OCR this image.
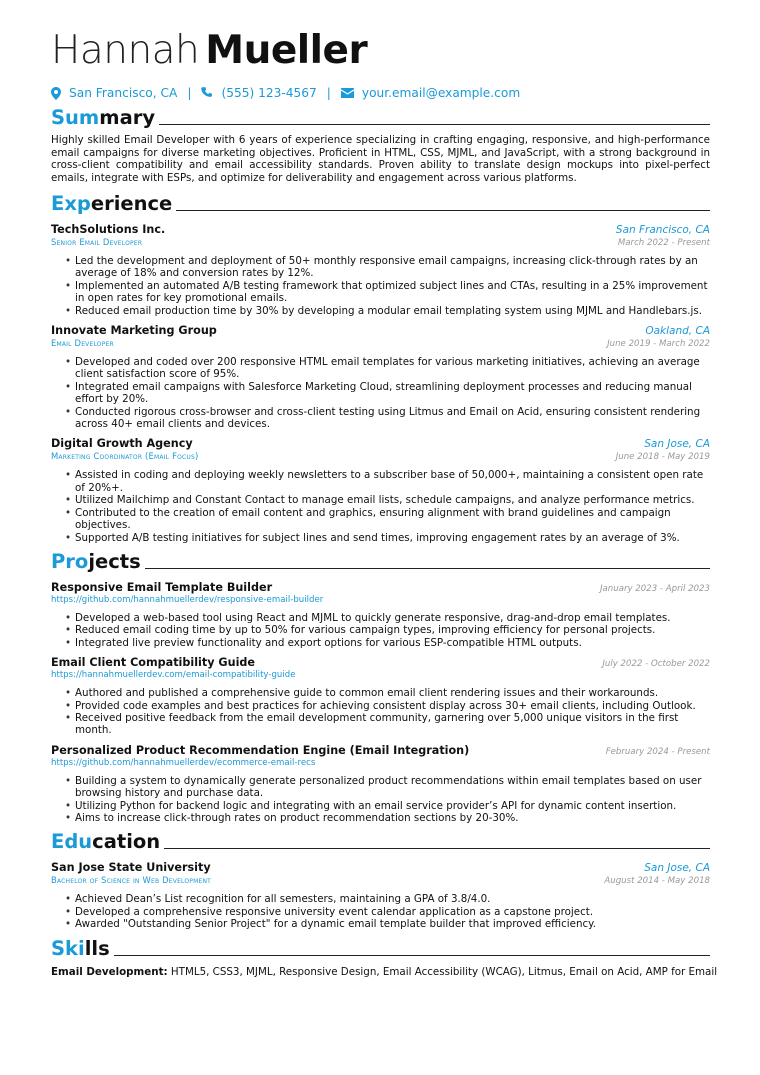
Hannah Mueller
San Francisco, CA | (555) 123-4567 |	your.email@example.com
Summary

Highly skilled Email Developer with 6 years of experience specializing in crafting engaging, responsive, and high-performance email campaigns for diverse marketing objectives. Proficient in HTML, CSS, MJML, and JavaScript, with a strong background in cross-client compatibility and email accessibility standards. Proven ability to translate design mockups into pixel-perfect emails, integrate with ESPs, and optimize for deliverability and engagement across various platforms.

Experience
TechSolutions Inc.	San Francisco, CA
Senior Email Developer	March 2022 - Present
• Led the development and deployment of 50+ monthly responsive email campaigns, increasing click-through rates by an average of 18% and conversion rates by 12%.
• Implemented an automated A/B testing framework that optimized subject lines and CTAs, resulting in a 25% improvement in open rates for key promotional emails.
• Reduced email production time by 30% by developing a modular email templating system using MJML and Handlebars.js.
Innovate Marketing Group	Oakland, CA
Email Developer	June 2019 - March 2022
• Developed and coded over 200 responsive HTML email templates for various marketing initiatives, achieving an average client satisfaction score of 95%.
• Integrated email campaigns with Salesforce Marketing Cloud, streamlining deployment processes and reducing manual effort by 20%.
• Conducted rigorous cross-browser and cross-client testing using Litmus and Email on Acid, ensuring consistent rendering across 40+ email clients and devices.
Digital Growth Agency	San Jose, CA
Marketing Coordinator (Email Focus)	June 2018 - May 2019
• Assisted in coding and deploying weekly newsletters to a subscriber base of 50,000+, maintaining a consistent open rate of 20%+.
• Utilized Mailchimp and Constant Contact to manage email lists, schedule campaigns, and analyze performance metrics.
• Contributed to the creation of email content and graphics, ensuring alignment with brand guidelines and campaign objectives.
• Supported A/B testing initiatives for subject lines and send times, improving engagement rates by an average of 3%.
Projects
Responsive Email Template Builder	January 2023 - April 2023
https://github.com/hannahmuellerdev/responsive-email-builder
• Developed a web-based tool using React and MJML to quickly generate responsive, drag-and-drop email templates.
• Reduced email coding time by up to 50% for various campaign types, improving efficiency for personal projects.
• Integrated live preview functionality and export options for various ESP-compatible HTML outputs.
Email Client Compatibility Guide	July 2022 - October 2022
https://hannahmuellerdev.com/email-compatibility-guide
• Authored and published a comprehensive guide to common email client rendering issues and their workarounds.
• Provided code examples and best practices for achieving consistent display across 30+ email clients, including Outlook.
• Received positive feedback from the email development community, garnering over 5,000 unique visitors in the first month.
Personalized Product Recommendation Engine (Email Integration)	February 2024 - Present
https://github.com/hannahmuellerdev/ecommerce-email-recs
• Building a system to dynamically generate personalized product recommendations within email templates based on user browsing history and purchase data.
• Utilizing Python for backend logic and integrating with an email service provider’s API for dynamic content insertion.
• Aims to increase click-through rates on product recommendation sections by 20-30%.
Education
San Jose State University	San Jose, CA
Bachelor of Science in Web Development	August 2014 - May 2018
• Achieved Dean’s List recognition for all semesters, maintaining a GPA of 3.8/4.0.
• Developed a comprehensive responsive university event calendar application as a capstone project.
• Awarded "Outstanding Senior Project" for a dynamic email template builder that improved efficiency.
Skills
Email Development: HTML5, CSS3, MJML, Responsive Design, Email Accessibility (WCAG), Litmus, Email on Acid, AMP for Email
